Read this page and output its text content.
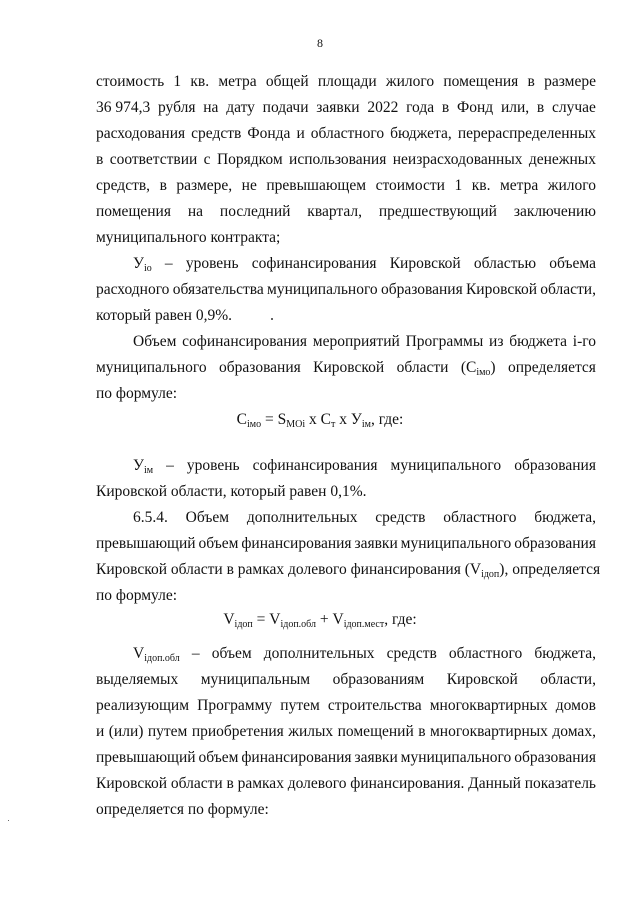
8
стоимость 1 кв. метра общей площади жилого помещения в размере
36 974,3 рубля на дату подачи заявки 2022 года в Фонд или, в случае
расходования средств Фонда и областного бюджета, перераспределенных
в соответствии с Порядком использования неизрасходованных денежных
средств, в размере, не превышающем стоимости 1 кв. метра жилого
помещения на последний квартал, предшествующий заключению
муниципального контракта;
$У_{io}$ – уровень софинансирования Кировской областью объема
расходного обязательства муниципального образования Кировской области,
который равен 0,9%.
Объем софинансирования мероприятий Программы из бюджета i-го
муниципального образования Кировской области $(С_{iмо})$ определяется
по формуле:
$C_{iмо} = S_{МОi}$ x $C_т$ x $У_{iм}$, где:
$У_{iм}$ – уровень софинансирования муниципального образования
Кировской области, который равен 0,1%.
6.5.4. Объем дополнительных средств областного бюджета,
превышающий объем финансирования заявки муниципального образования
Кировской области в рамках долевого финансирования $(V_{iдоп})$, определяется
по формуле:
$V_{iдоп} = V_{iдоп.обл} + V_{iдоп.мест}$, где:
$V_{iдоп.обл}$ – объем дополнительных средств областного бюджета,
выделяемых муниципальным образованиям Кировской области,
реализующим Программу путем строительства многоквартирных домов
и (или) путем приобретения жилых помещений в многоквартирных домах,
превышающий объем финансирования заявки муниципального образования
Кировской области в рамках долевого финансирования. Данный показатель
определяется по формуле:
